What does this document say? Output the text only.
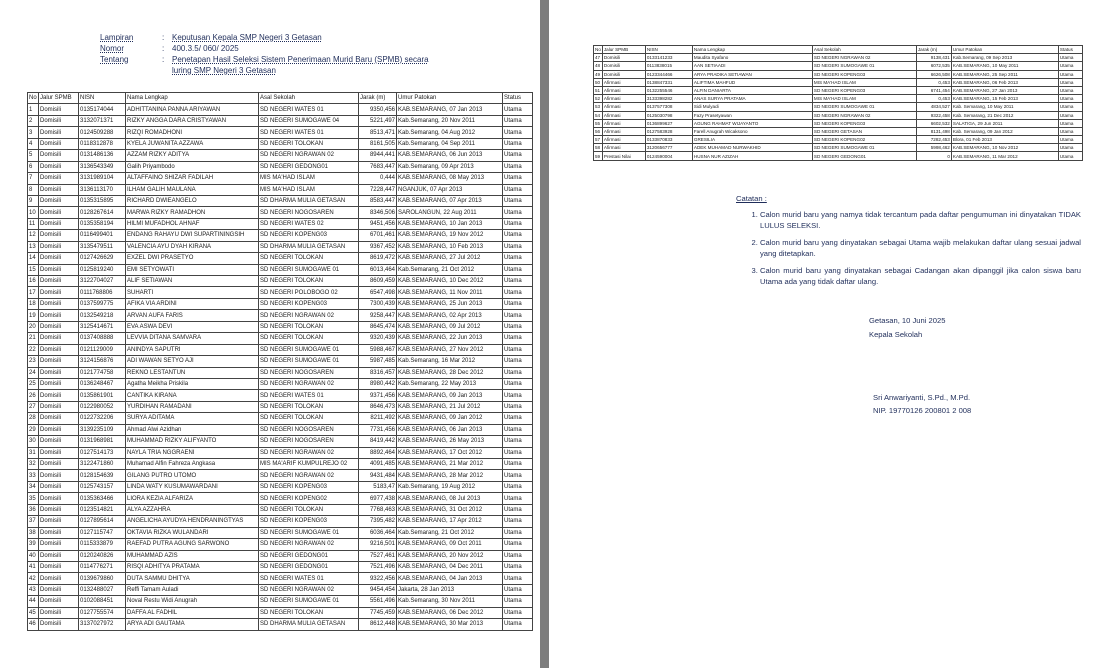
Lampiran	: Keputusan Kepala SMP Negeri 3 Getasan
Nomor	: 400.3.5/ 060/ 2025
Tentang	: Penetapan Hasil Seleksi Sistem Penerimaan Murid Baru (SPMB) secara
luring SMP Negeri 3 Getasan
No	Jalur SPMB	NISN	Nama Lengkap	Asal Sekolah	Jarak (m)	Umur Patokan	Status
1	Domisili	0135174044	ADHITTANINA PANNA ARIYAWAN	SD NEGERI WATES 01	9350,456	KAB.SEMARANG, 07 Jan 2013	Utama
2	Domisili	3132071371	RIZKY ANGGA DARA CRISTYAWAN	SD NEGERI SUMOGAWE 04	5221,497	Kab.Semarang, 20 Nov 2011	Utama
3	Domisili	0124509288	RIZQI ROMADHONI	SD NEGERI WATES 01	8513,471	Kab.Semarang, 04 Aug 2012	Utama
4	Domisili	0118312878	KYELA JUWANITA AZZAWA	SD NEGERI TOLOKAN	8161,505	Kab.Semarang, 04 Sep 2011	Utama
5	Domisili	0131486136	AZZAM RIZKY ADITYA	SD NEGERI NGRAWAN 02	8944,441	KAB.SEMARANG, 06 Jun 2013	Utama
6	Domisili	3136543349	Galih Priyambodo	SD NEGERI GEDONG01	7683,447	Kab.Semarang, 09 Apr 2013	Utama
7	Domisili	3131989104	ALTAFFAINO SHIZAR FADILAH	MIS MA'HAD ISLAM	0,444	KAB.SEMARANG, 08 May 2013	Utama
8	Domisili	3136113170	ILHAM GALIH MAULANA	MIS MA'HAD ISLAM	7228,447	NGANJUK, 07 Apr 2013	Utama
9	Domisili	0135315895	RICHARD DWIEANGELO	SD DHARMA MULIA GETASAN	8583,447	KAB.SEMARANG, 07 Apr 2013	Utama
10	Domisili	0128267614	MARWA RIZKY RAMADHON	SD NEGERI NOGOSAREN	8346,506	SAROLANGUN, 22 Aug 2011	Utama
11	Domisili	0135358194	HILMI MUFADHOL AHNAF	SD NEGERI WATES 02	9451,456	KAB.SEMARANG, 10 Jan 2013	Utama
12	Domisili	0116499401	ENDANG RAHAYU DWI SUPARTININGSIH	SD NEGERI KOPENG03	6701,461	KAB.SEMARANG, 19 Nov 2012	Utama
13	Domisili	3135479511	VALENCIA AYU DYAH KIRANA	SD DHARMA MULIA GETASAN	9367,452	KAB.SEMARANG, 10 Feb 2013	Utama
14	Domisili	0127426629	EXZEL DWI PRASETYO	SD NEGERI TOLOKAN	8619,472	KAB.SEMARANG, 27 Jul 2012	Utama
15	Domisili	0125819240	EMI SETYOWATI	SD NEGERI SUMOGAWE 01	6013,464	Kab.Semarang, 21 Oct 2012	Utama
16	Domisili	3122704027	ALIF SETIAWAN	SD NEGERI TOLOKAN	8609,459	KAB.SEMARANG, 10 Dec 2012	Utama
17	Domisili	0111768806	SUHARTI	SD NEGERI POLOBOGO 02	6547,498	KAB.SEMARANG, 11 Nov 2011	Utama
18	Domisili	0137599775	AFIKA VIA ARDINI	SD NEGERI KOPENG03	7300,439	KAB.SEMARANG, 25 Jun 2013	Utama
19	Domisili	0132549218	ARVAN AUFA FARIS	SD NEGERI NGRAWAN 02	9258,447	KAB.SEMARANG, 02 Apr 2013	Utama
20	Domisili	3125414671	EVA ASWA DEVI	SD NEGERI TOLOKAN	8645,474	KAB.SEMARANG, 09 Jul 2012	Utama
21	Domisili	0137408888	LEVVIA DITANA SAMVARA	SD NEGERI TOLOKAN	9320,439	KAB.SEMARANG, 22 Jun 2013	Utama
22	Domisili	0121129009	ANINDYA SAPUTRI	SD NEGERI SUMOGAWE 01	5988,467	KAB.SEMARANG, 27 Nov 2012	Utama
23	Domisili	3124156876	ADI WAWAN SETYO AJI	SD NEGERI SUMOGAWE 01	5987,485	Kab.Semarang, 16 Mar 2012	Utama
24	Domisili	0121774758	REKNO LESTANTUN	SD NEGERI NOGOSAREN	8316,457	KAB.SEMARANG, 28 Dec 2012	Utama
25	Domisili	0136248467	Agatha Meikha Priskila	SD NEGERI NGRAWAN 02	8980,442	Kab.Semarang, 22 May 2013	Utama
26	Domisili	0135861901	CANTIKA KIRANA	SD NEGERI WATES 01	9371,456	KAB.SEMARANG, 09 Jan 2013	Utama
27	Domisili	0122980052	YURDIHAN RAMADANI	SD NEGERI TOLOKAN	8646,473	KAB.SEMARANG, 21 Jul 2012	Utama
28	Domisili	0122732206	SURYA ADITAMA	SD NEGERI TOLOKAN	8211,492	KAB.SEMARANG, 09 Jan 2012	Utama
29	Domisili	3139235109	Ahmad Alwi Azidhan	SD NEGERI NOGOSAREN	7731,456	KAB.SEMARANG, 06 Jan 2013	Utama
30	Domisili	0131968981	MUHAMMAD RIZKY ALIFYANTO	SD NEGERI NOGOSAREN	8419,442	KAB.SEMARANG, 26 May 2013	Utama
31	Domisili	0127514173	NAYLA TRIA NGGRAENI	SD NEGERI NGRAWAN 02	8892,464	KAB.SEMARANG, 17 Oct 2012	Utama
32	Domisili	3122471860	Muhamad Alfin Fahreza Angkasa	MIS MA'ARIF KUMPULREJO 02	4091,485	KAB.SEMARANG, 21 Mar 2012	Utama
33	Domisili	0128154639	GILANG PUTRO UTOMO	SD NEGERI NGRAWAN 02	9431,484	KAB.SEMARANG, 28 Mar 2012	Utama
34	Domisili	0125743157	LINDA WATY KUSUMAWARDANI	SD NEGERI KOPENG03	5183,47	Kab.Semarang, 19 Aug 2012	Utama
35	Domisili	0135363466	LIORA KEZIA ALFARIZA	SD NEGERI KOPENG02	6977,438	KAB.SEMARANG, 08 Jul 2013	Utama
36	Domisili	0123514821	ALYA AZZAHRA	SD NEGERI TOLOKAN	7768,463	KAB.SEMARANG, 31 Oct 2012	Utama
37	Domisili	0127895614	ANGELICHA AYUDYA HENDRANINGTYAS	SD NEGERI KOPENG03	7395,482	KAB.SEMARANG, 17 Apr 2012	Utama
38	Domisili	0127115747	OKTAVIA RIZKA WULANDARI	SD NEGERI SUMOGAWE 01	6036,464	Kab.Semarang, 21 Oct 2012	Utama
39	Domisili	0115333879	RAEFAD PUTRA AGUNG SARWONO	SD NEGERI NGRAWAN 02	9216,501	KAB.SEMARANG, 09 Oct 2011	Utama
40	Domisili	0120240826	MUHAMMAD AZIS	SD NEGERI GEDONG01	7527,461	KAB.SEMARANG, 20 Nov 2012	Utama
41	Domisili	0114776271	RISQI ADHITYA PRATAMA	SD NEGERI GEDONG01	7521,496	KAB.SEMARANG, 04 Dec 2011	Utama
42	Domisili	0139679860	DUTA SAMMU DHITYA	SD NEGERI WATES 01	9322,456	KAB.SEMARANG, 04 Jan 2013	Utama
43	Domisili	0132488027	Reffi Tamam Auladi	SD NEGERI NGRAWAN 02	9454,454	Jakarta, 28 Jan 2013	Utama
44	Domisili	0102088451	Noval Restu Widi Anugrah	SD NEGERI SUMOGAWE 01	5561,496	Kab.Semarang, 30 Nov 2011	Utama
45	Domisili	0127755574	DAFFA AL FADHIL	SD NEGERI TOLOKAN	7745,459	KAB.SEMARANG, 06 Dec 2012	Utama
46	Domisili	3137027972	ARYA ADI GAUTAMA	SD DHARMA MULIA GETASAN	8612,448	KAB.SEMARANG, 30 Mar 2013	Utama
No	Jalur SPMB	NISN	Nama Lengkap	Asal Sekolah	Jarak (m)	Umur Patokan	Status
47	Domisili	0133141233	Maudita Syafano	SD NEGERI NGRAWAN 02	9138,431	Kab.Semarang, 09 Sep 2013	Utama
48	Domisili	0113838015	AAN SETIAADI	SD NEGERI SUMOGAWE 01	6072,535	KAB.SEMARANG, 10 May 2011	Utama
49	Domisili	0123344466	ARYA PRADIKA SETIAWAN	SD NEGERI KOPENG03	6626,508	KAB.SEMARANG, 25 Sep 2011	Utama
50	Afirmasi	0138847331	ALIFTIMA MAHFUD	MIS MA'HAD ISLAM	0,453	KAB.SEMARANG, 06 Feb 2013	Utama
51	Afirmasi	0132255546	ALFIN DANIARTA	SD NEGERI KOPENG03	6741,454	KAB.SEMARANG, 27 Jan 2013	Utama
52	Afirmasi	3133398282	ANAS SURYA PRATAMA	MIS MA'HAD ISLAM	0,453	KAB.SEMARANG, 15 Feb 2013	Utama
53	Afirmasi	0137577308	Sidi Mulyadi	SD NEGERI SUMOGAWE 01	4834,527	Kab. Semarang, 10 May 2011	Utama
54	Afirmasi	0125030798	Fazy Prasetyawan	SD NEGERI NGRAWAN 02	9322,458	Kab. Semarang, 21 Dec 2012	Utama
55	Afirmasi	0136899627	AGUNG RAHMAT WIJAYANTO	SD NEGERI KOPENG03	6602,532	SALATIGA, 29 Jun 2011	Utama
56	Afirmasi	0127583928	Farell Anugrah Wicaksono	SD NEGERI GETASAN	8131,498	Kab. Semarang, 09 Jan 2012	Utama
57	Afirmasi	0133870833	GRESILIA	SD NEGERI KOPENG02	7282,453	Blora, 01 Feb 2013	Utama
58	Afirmasi	3120656777	ADEK MUHAMAD NURWAKHID	SD NEGERI SUMOGAWE 01	5998,462	KAB.SEMARANG, 10 Nov 2012	Utama
59	Prestasi Nilai	0124590004	HUSNA NUR AZIZAH	SD NEGERI GEDONG01	0	KAB.SEMARANG, 11 Mar 2012	Utama
Catatan :
1. Calon murid baru yang namya tidak tercantum pada daftar pengumuman ini dinyatakan TIDAK LULUS SELEKSI.
2. Calon murid baru yang dinyatakan sebagai Utama wajib melakukan daftar ulang sesuai jadwal yang ditetapkan.
3. Calon murid baru yang dinyatakan sebagai Cadangan akan dipanggil jika calon siswa baru Utama ada yang tidak daftar ulang.
Getasan, 10 Juni 2025
Kepala Sekolah
Sri Anwariyanti, S.Pd., M.Pd.
NIP. 19770126 200801 2 008
